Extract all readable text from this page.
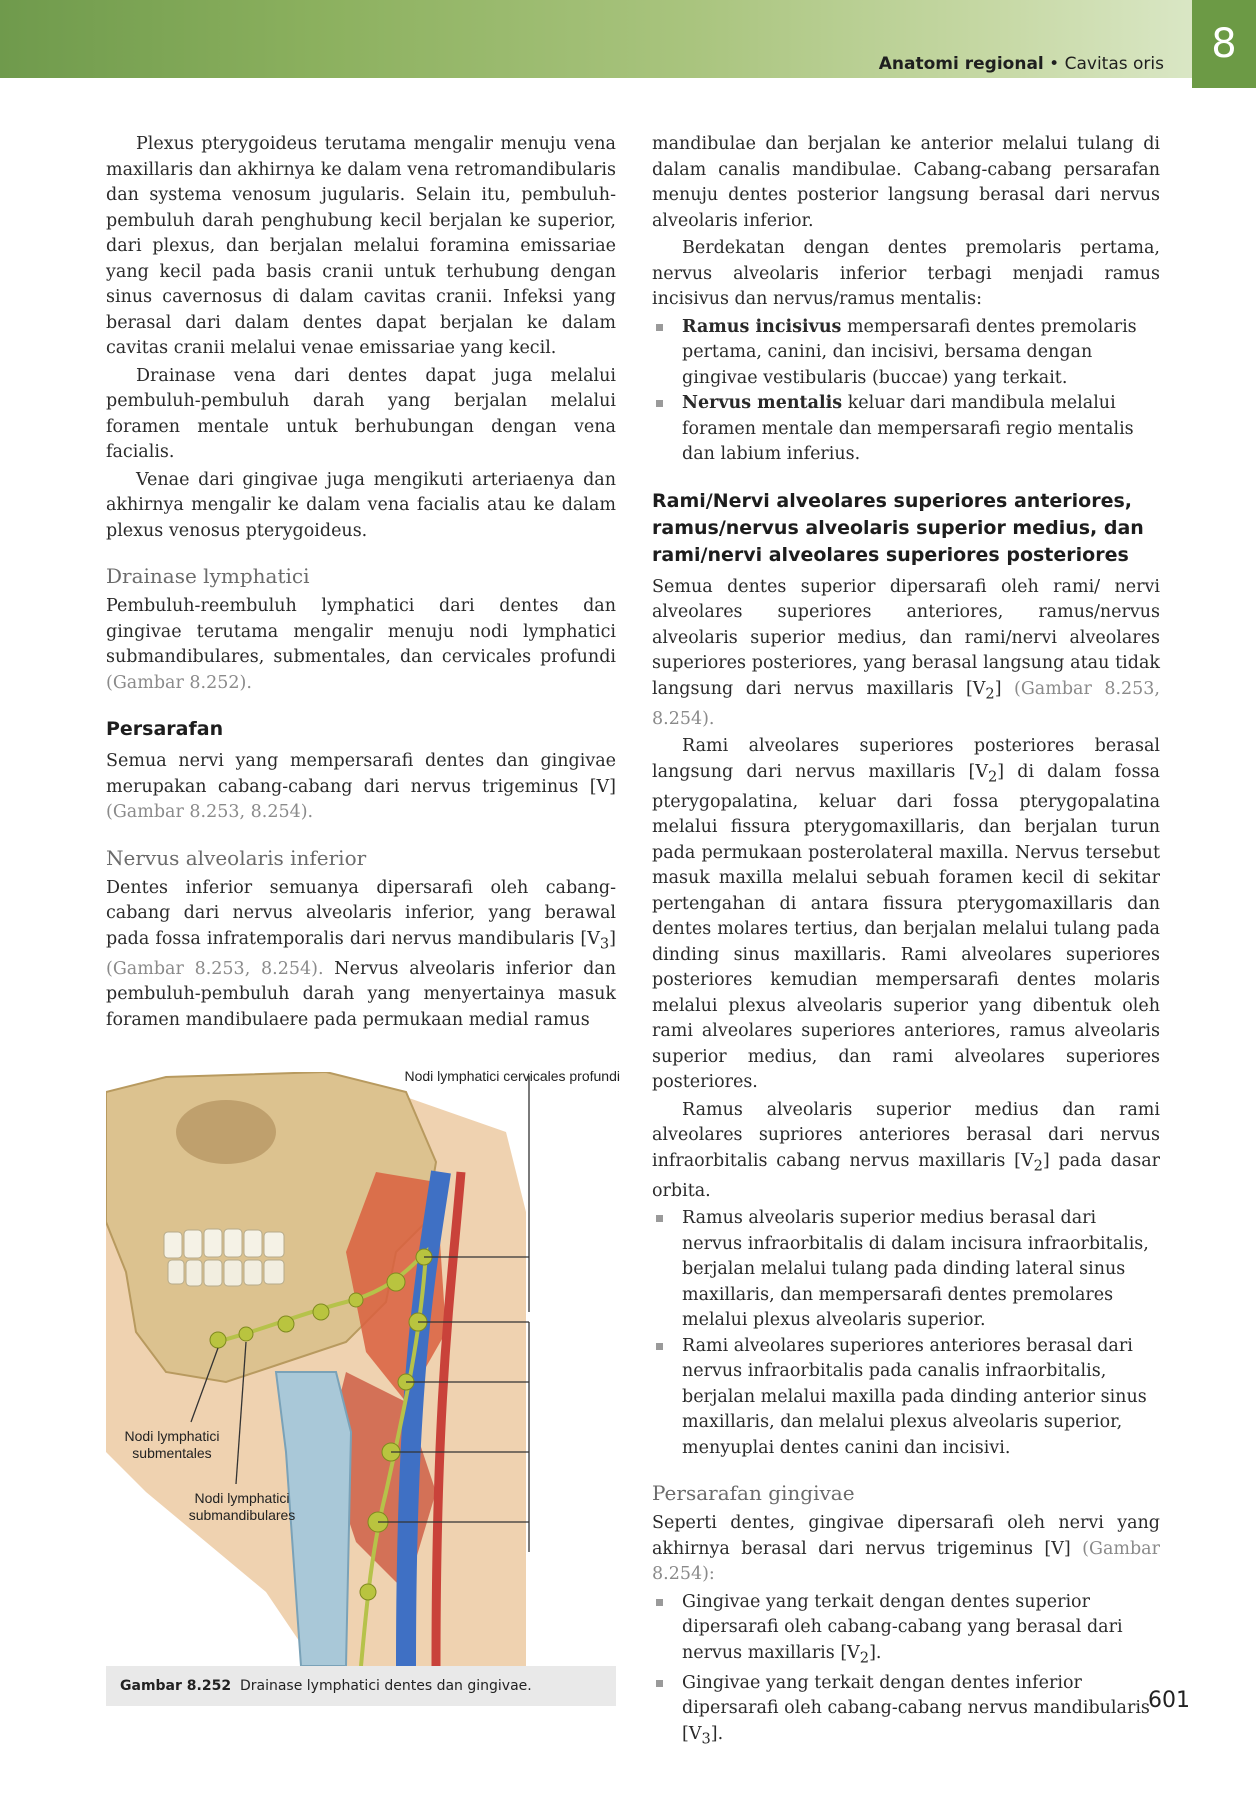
Anatomi regional • Cavitas oris 8

Plexus pterygoideus terutama mengalir menuju vena maxillaris dan akhirnya ke dalam vena retromandibularis dan systema venosum jugularis. Selain itu, pembuluh-pembuluh darah penghubung kecil berjalan ke superior, dari plexus, dan berjalan melalui foramina emissariae yang kecil pada basis cranii untuk terhubung dengan sinus cavernosus di dalam cavitas cranii. Infeksi yang berasal dari dalam dentes dapat berjalan ke dalam cavitas cranii melalui venae emissariae yang kecil.

Drainase vena dari dentes dapat juga melalui pembuluh-pembuluh darah yang berjalan melalui foramen mentale untuk berhubungan dengan vena facialis.

Venae dari gingivae juga mengikuti arteriaenya dan akhirnya mengalir ke dalam vena facialis atau ke dalam plexus venosus pterygoideus.

Drainase lymphatici

Pembuluh-reembuluh lymphatici dari dentes dan gingivae terutama mengalir menuju nodi lymphatici submandibulares, submentales, dan cervicales profundi (Gambar 8.252).

Persarafan

Semua nervi yang mempersarafi dentes dan gingivae merupakan cabang-cabang dari nervus trigeminus [V] (Gambar 8.253, 8.254).

Nervus alveolaris inferior

Dentes inferior semuanya dipersarafi oleh cabang-cabang dari nervus alveolaris inferior, yang berawal pada fossa infratemporalis dari nervus mandibularis $[V_3]$ (Gambar 8.253, 8.254). Nervus alveolaris inferior dan pembuluh-pembuluh darah yang menyertainya masuk foramen mandibulaere pada permukaan medial ramus

Nodi lymphatici cervicales profundi
Nodi lymphatici
submentales
Nodi lymphatici
submandibulares
Gambar 8.252 Drainase lymphatici dentes dan gingivae.

mandibulae dan berjalan ke anterior melalui tulang di dalam canalis mandibulae. Cabang-cabang persarafan menuju dentes posterior langsung berasal dari nervus alveolaris inferior.

Berdekatan dengan dentes premolaris pertama, nervus alveolaris inferior terbagi menjadi ramus incisivus dan nervus/ramus mentalis:

Ramus incisivus mempersarafi dentes premolaris pertama, canini, dan incisivi, bersama dengan gingivae vestibularis (buccae) yang terkait.
Nervus mentalis keluar dari mandibula melalui foramen mentale dan mempersarafi regio mentalis dan labium inferius.
Rami/Nervi alveolares superiores anteriores, ramus/nervus alveolaris superior medius, dan rami/nervi alveolares superiores posteriores

Semua dentes superior dipersarafi oleh rami/ nervi alveolares superiores anteriores, ramus/nervus alveolaris superior medius, dan rami/nervi alveolares superiores posteriores, yang berasal langsung atau tidak langsung dari nervus maxillaris $[V_2]$ (Gambar 8.253, 8.254).

Rami alveolares superiores posteriores berasal langsung dari nervus maxillaris $[V_2]$ di dalam fossa pterygopalatina, keluar dari fossa pterygopalatina melalui fissura pterygomaxillaris, dan berjalan turun pada permukaan posterolateral maxilla. Nervus tersebut masuk maxilla melalui sebuah foramen kecil di sekitar pertengahan di antara fissura pterygomaxillaris dan dentes molares tertius, dan berjalan melalui tulang pada dinding sinus maxillaris. Rami alveolares superiores posteriores kemudian mempersarafi dentes molaris melalui plexus alveolaris superior yang dibentuk oleh rami alveolares superiores anteriores, ramus alveolaris superior medius, dan rami alveolares superiores posteriores.

Ramus alveolaris superior medius dan rami alveolares supriores anteriores berasal dari nervus infraorbitalis cabang nervus maxillaris $[V_2]$ pada dasar orbita.

Ramus alveolaris superior medius berasal dari nervus infraorbitalis di dalam incisura infraorbitalis, berjalan melalui tulang pada dinding lateral sinus maxillaris, dan mempersarafi dentes premolares melalui plexus alveolaris superior.
Rami alveolares superiores anteriores berasal dari nervus infraorbitalis pada canalis infraorbitalis, berjalan melalui maxilla pada dinding anterior sinus maxillaris, dan melalui plexus alveolaris superior, menyuplai dentes canini dan incisivi.
Persarafan gingivae

Seperti dentes, gingivae dipersarafi oleh nervi yang akhirnya berasal dari nervus trigeminus [V] (Gambar 8.254):

Gingivae yang terkait dengan dentes superior dipersarafi oleh cabang-cabang yang berasal dari nervus maxillaris $[V_2]$.
Gingivae yang terkait dengan dentes inferior dipersarafi oleh cabang-cabang nervus mandibularis $[V_3]$.
601
